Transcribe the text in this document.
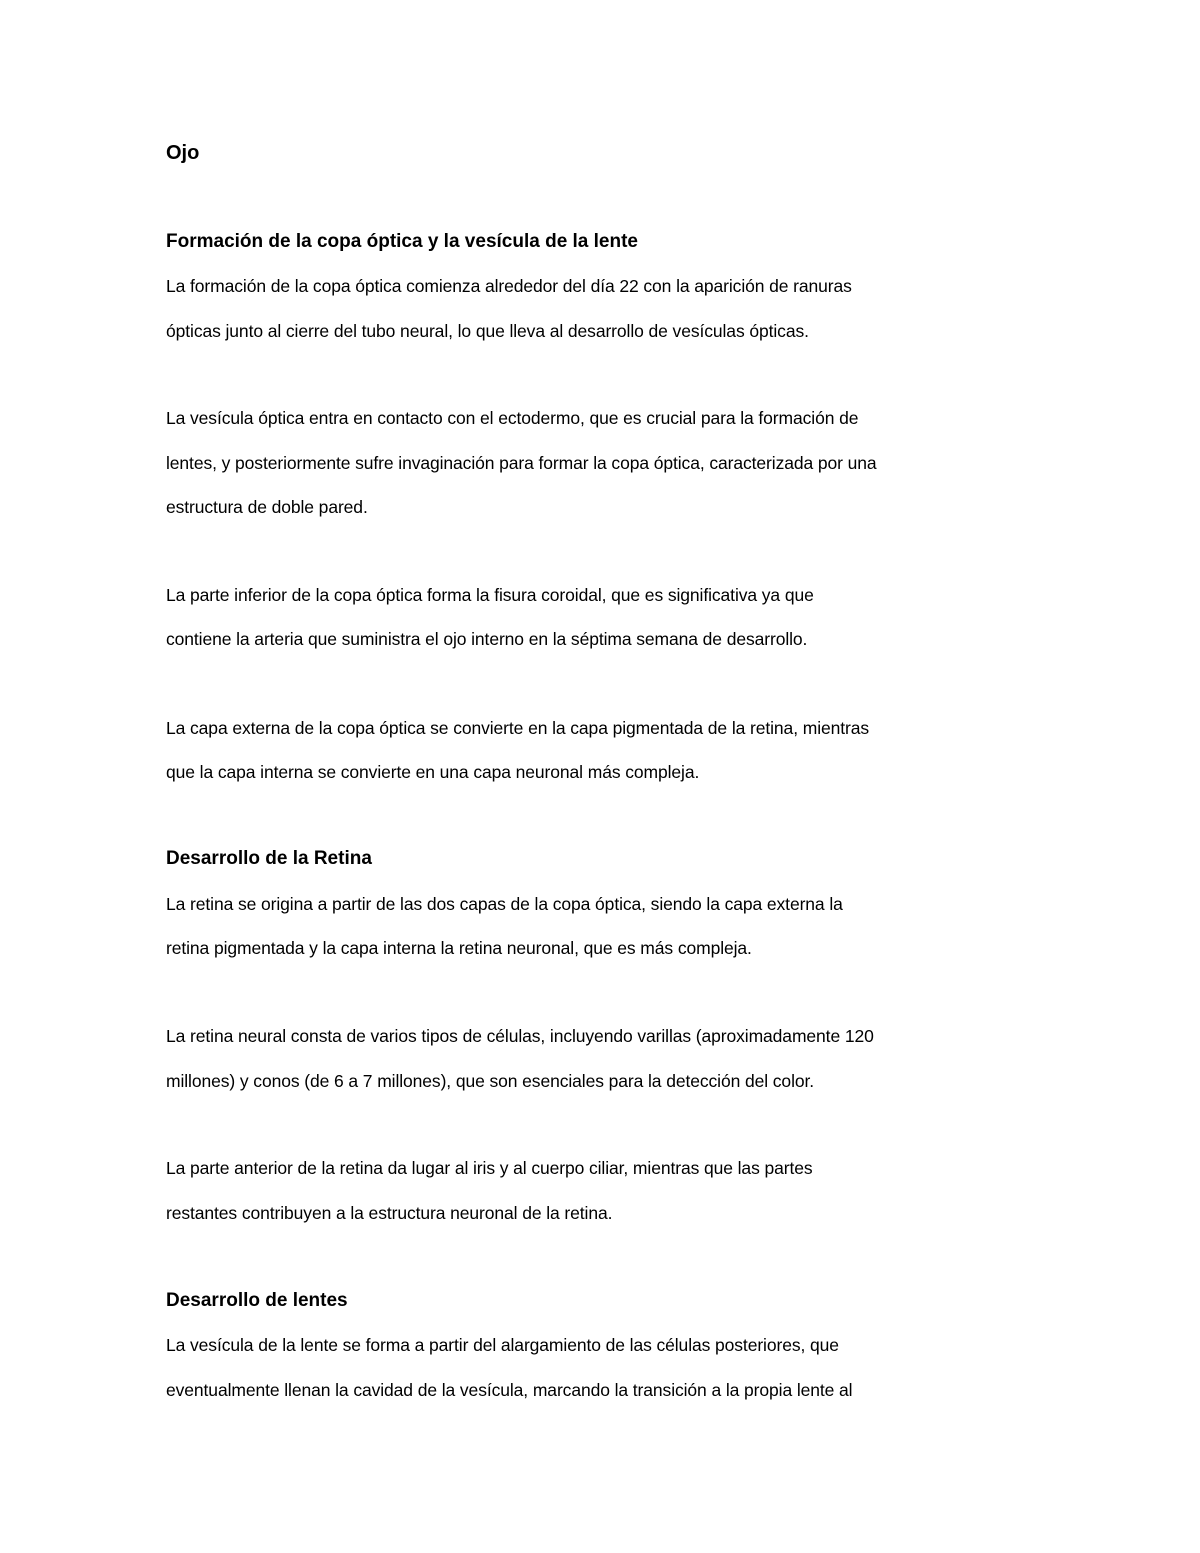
Ojo
Formación de la copa óptica y la vesícula de la lente
La formación de la copa óptica comienza alrededor del día 22 con la aparición de ranuras
ópticas junto al cierre del tubo neural, lo que lleva al desarrollo de vesículas ópticas.
La vesícula óptica entra en contacto con el ectodermo, que es crucial para la formación de
lentes, y posteriormente sufre invaginación para formar la copa óptica, caracterizada por una
estructura de doble pared.
La parte inferior de la copa óptica forma la fisura coroidal, que es significativa ya que
contiene la arteria que suministra el ojo interno en la séptima semana de desarrollo.
La capa externa de la copa óptica se convierte en la capa pigmentada de la retina, mientras
que la capa interna se convierte en una capa neuronal más compleja.
Desarrollo de la Retina
La retina se origina a partir de las dos capas de la copa óptica, siendo la capa externa la
retina pigmentada y la capa interna la retina neuronal, que es más compleja.
La retina neural consta de varios tipos de células, incluyendo varillas (aproximadamente 120
millones) y conos (de 6 a 7 millones), que son esenciales para la detección del color.
La parte anterior de la retina da lugar al iris y al cuerpo ciliar, mientras que las partes
restantes contribuyen a la estructura neuronal de la retina.
Desarrollo de lentes
La vesícula de la lente se forma a partir del alargamiento de las células posteriores, que
eventualmente llenan la cavidad de la vesícula, marcando la transición a la propia lente al
